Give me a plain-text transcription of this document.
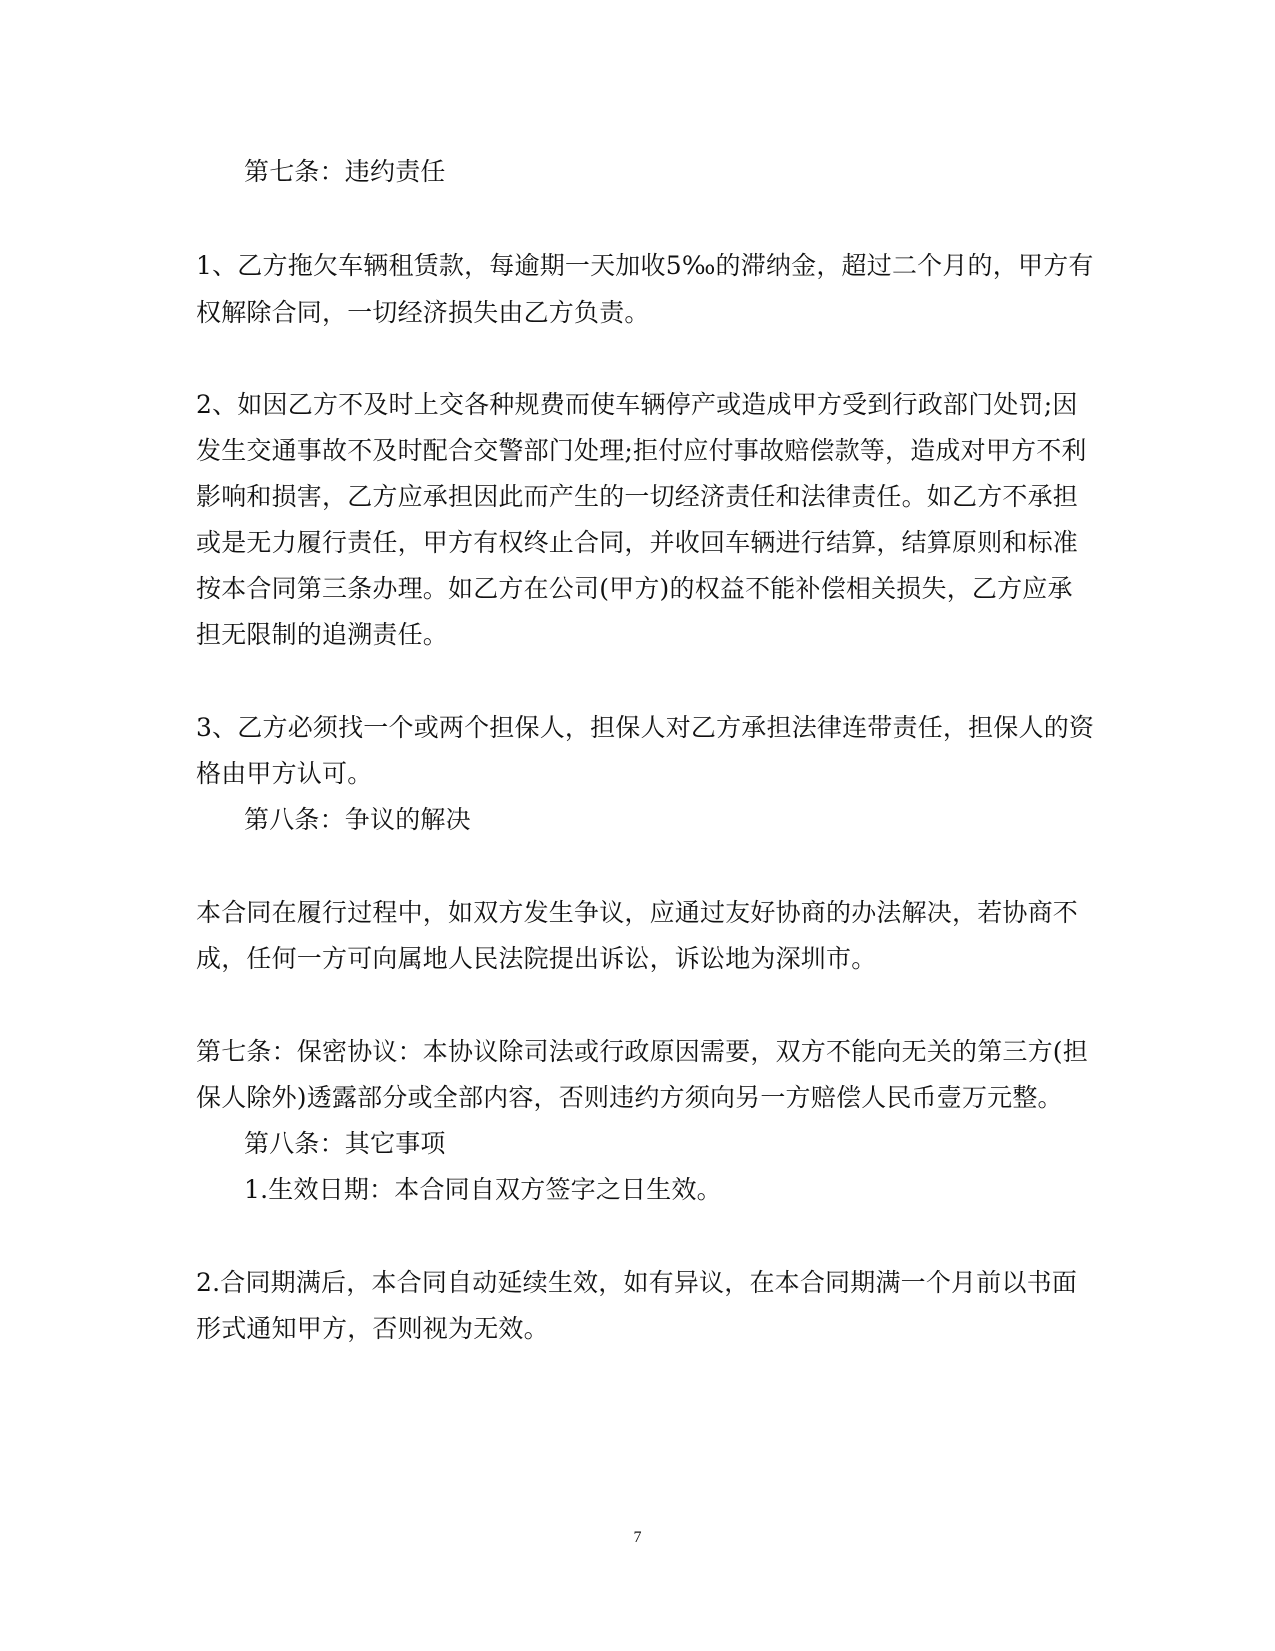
第七条：违约责任
1、乙方拖欠车辆租赁款，每逾期一天加收5‰的滞纳金，超过二个月的，甲方有
权解除合同，一切经济损失由乙方负责。
2、如因乙方不及时上交各种规费而使车辆停产或造成甲方受到行政部门处罚;因
发生交通事故不及时配合交警部门处理;拒付应付事故赔偿款等，造成对甲方不利
影响和损害，乙方应承担因此而产生的一切经济责任和法律责任。如乙方不承担
或是无力履行责任，甲方有权终止合同，并收回车辆进行结算，结算原则和标准
按本合同第三条办理。如乙方在公司(甲方)的权益不能补偿相关损失，乙方应承
担无限制的追溯责任。
3、乙方必须找一个或两个担保人，担保人对乙方承担法律连带责任，担保人的资
格由甲方认可。
第八条：争议的解决
本合同在履行过程中，如双方发生争议，应通过友好协商的办法解决，若协商不
成，任何一方可向属地人民法院提出诉讼，诉讼地为深圳市。
第七条：保密协议：本协议除司法或行政原因需要，双方不能向无关的第三方(担
保人除外)透露部分或全部内容，否则违约方须向另一方赔偿人民币壹万元整。
第八条：其它事项
1.生效日期：本合同自双方签字之日生效。
2.合同期满后，本合同自动延续生效，如有异议，在本合同期满一个月前以书面
形式通知甲方，否则视为无效。
7
